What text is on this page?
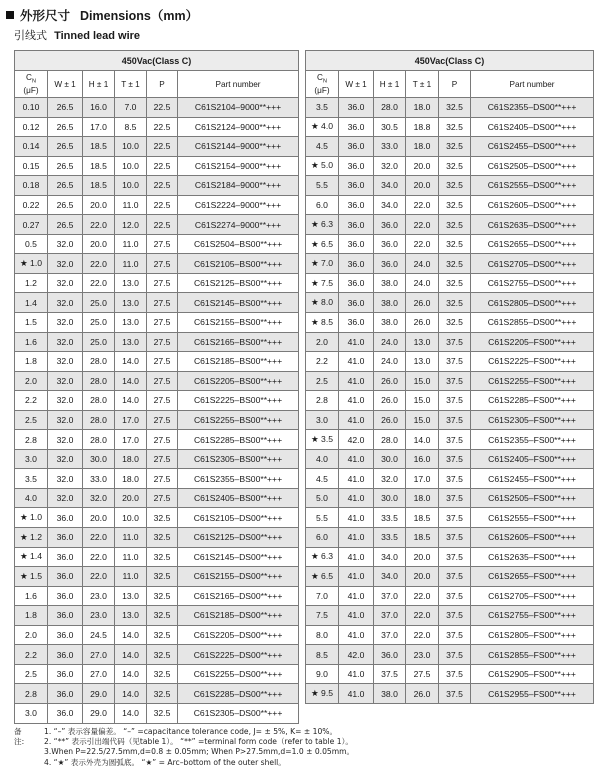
外形尺寸 Dimensions（mm）
引线式 Tinned lead wire
450Vac(Class C)					
$C_N$
(μF)	W ± 1	H ± 1	T ± 1	P	Part number
0.10	26.5	16.0	7.0	22.5	C61S2104–9000**+++
0.12	26.5	17.0	8.5	22.5	C61S2124–9000**+++
0.14	26.5	18.5	10.0	22.5	C61S2144–9000**+++
0.15	26.5	18.5	10.0	22.5	C61S2154–9000**+++
0.18	26.5	18.5	10.0	22.5	C61S2184–9000**+++
0.22	26.5	20.0	11.0	22.5	C61S2224–9000**+++
0.27	26.5	22.0	12.0	22.5	C61S2274–9000**+++
0.5	32.0	20.0	11.0	27.5	C61S2504–BS00**+++
★ 1.0	32.0	22.0	11.0	27.5	C61S2105–BS00**+++
1.2	32.0	22.0	13.0	27.5	C61S2125–BS00**+++
1.4	32.0	25.0	13.0	27.5	C61S2145–BS00**+++
1.5	32.0	25.0	13.0	27.5	C61S2155–BS00**+++
1.6	32.0	25.0	13.0	27.5	C61S2165–BS00**+++
1.8	32.0	28.0	14.0	27.5	C61S2185–BS00**+++
2.0	32.0	28.0	14.0	27.5	C61S2205–BS00**+++
2.2	32.0	28.0	14.0	27.5	C61S2225–BS00**+++
2.5	32.0	28.0	17.0	27.5	C61S2255–BS00**+++
2.8	32.0	28.0	17.0	27.5	C61S2285–BS00**+++
3.0	32.0	30.0	18.0	27.5	C61S2305–BS00**+++
3.5	32.0	33.0	18.0	27.5	C61S2355–BS00**+++
4.0	32.0	32.0	20.0	27.5	C61S2405–BS00**+++
★ 1.0	36.0	20.0	10.0	32.5	C61S2105–DS00**+++
★ 1.2	36.0	22.0	11.0	32.5	C61S2125–DS00**+++
★ 1.4	36.0	22.0	11.0	32.5	C61S2145–DS00**+++
★ 1.5	36.0	22.0	11.0	32.5	C61S2155–DS00**+++
1.6	36.0	23.0	13.0	32.5	C61S2165–DS00**+++
1.8	36.0	23.0	13.0	32.5	C61S2185–DS00**+++
2.0	36.0	24.5	14.0	32.5	C61S2205–DS00**+++
2.2	36.0	27.0	14.0	32.5	C61S2225–DS00**+++
2.5	36.0	27.0	14.0	32.5	C61S2255–DS00**+++
2.8	36.0	29.0	14.0	32.5	C61S2285–DS00**+++
3.0	36.0	29.0	14.0	32.5	C61S2305–DS00**+++
450Vac(Class C)					
$C_N$
(μF)	W ± 1	H ± 1	T ± 1	P	Part number
3.5	36.0	28.0	18.0	32.5	C61S2355–DS00**+++
★ 4.0	36.0	30.5	18.8	32.5	C61S2405–DS00**+++
4.5	36.0	33.0	18.0	32.5	C61S2455–DS00**+++
★ 5.0	36.0	32.0	20.0	32.5	C61S2505–DS00**+++
5.5	36.0	34.0	20.0	32.5	C61S2555–DS00**+++
6.0	36.0	34.0	22.0	32.5	C61S2605–DS00**+++
★ 6.3	36.0	36.0	22.0	32.5	C61S2635–DS00**+++
★ 6.5	36.0	36.0	22.0	32.5	C61S2655–DS00**+++
★ 7.0	36.0	36.0	24.0	32.5	C61S2705–DS00**+++
★ 7.5	36.0	38.0	24.0	32.5	C61S2755–DS00**+++
★ 8.0	36.0	38.0	26.0	32.5	C61S2805–DS00**+++
★ 8.5	36.0	38.0	26.0	32.5	C61S2855–DS00**+++
2.0	41.0	24.0	13.0	37.5	C61S2205–FS00**+++
2.2	41.0	24.0	13.0	37.5	C61S2225–FS00**+++
2.5	41.0	26.0	15.0	37.5	C61S2255–FS00**+++
2.8	41.0	26.0	15.0	37.5	C61S2285–FS00**+++
3.0	41.0	26.0	15.0	37.5	C61S2305–FS00**+++
★ 3.5	42.0	28.0	14.0	37.5	C61S2355–FS00**+++
4.0	41.0	30.0	16.0	37.5	C61S2405–FS00**+++
4.5	41.0	32.0	17.0	37.5	C61S2455–FS00**+++
5.0	41.0	30.0	18.0	37.5	C61S2505–FS00**+++
5.5	41.0	33.5	18.5	37.5	C61S2555–FS00**+++
6.0	41.0	33.5	18.5	37.5	C61S2605–FS00**+++
★ 6.3	41.0	34.0	20.0	37.5	C61S2635–FS00**+++
★ 6.5	41.0	34.0	20.0	37.5	C61S2655–FS00**+++
7.0	41.0	37.0	22.0	37.5	C61S2705–FS00**+++
7.5	41.0	37.0	22.0	37.5	C61S2755–FS00**+++
8.0	41.0	37.0	22.0	37.5	C61S2805–FS00**+++
8.5	42.0	36.0	23.0	37.5	C61S2855–FS00**+++
9.0	41.0	37.5	27.5	37.5	C61S2905–FS00**+++
★ 9.5	41.0	38.0	26.0	37.5	C61S2955–FS00**+++
备注:
1. “–” 表示容量偏差。 “–” =capacitance tolerance code, J= ± 5%, K= ± 10%。
2. “**” 表示引出端代码（见table 1）。 “**” =terminal form code（refer to table 1）。
3.When P=22.5/27.5mm,d=0.8 ± 0.05mm; When P>27.5mm,d=1.0 ± 0.05mm。
4. “★” 表示外壳为圆弧底。 “★” = Arc–bottom of the outer shell。
